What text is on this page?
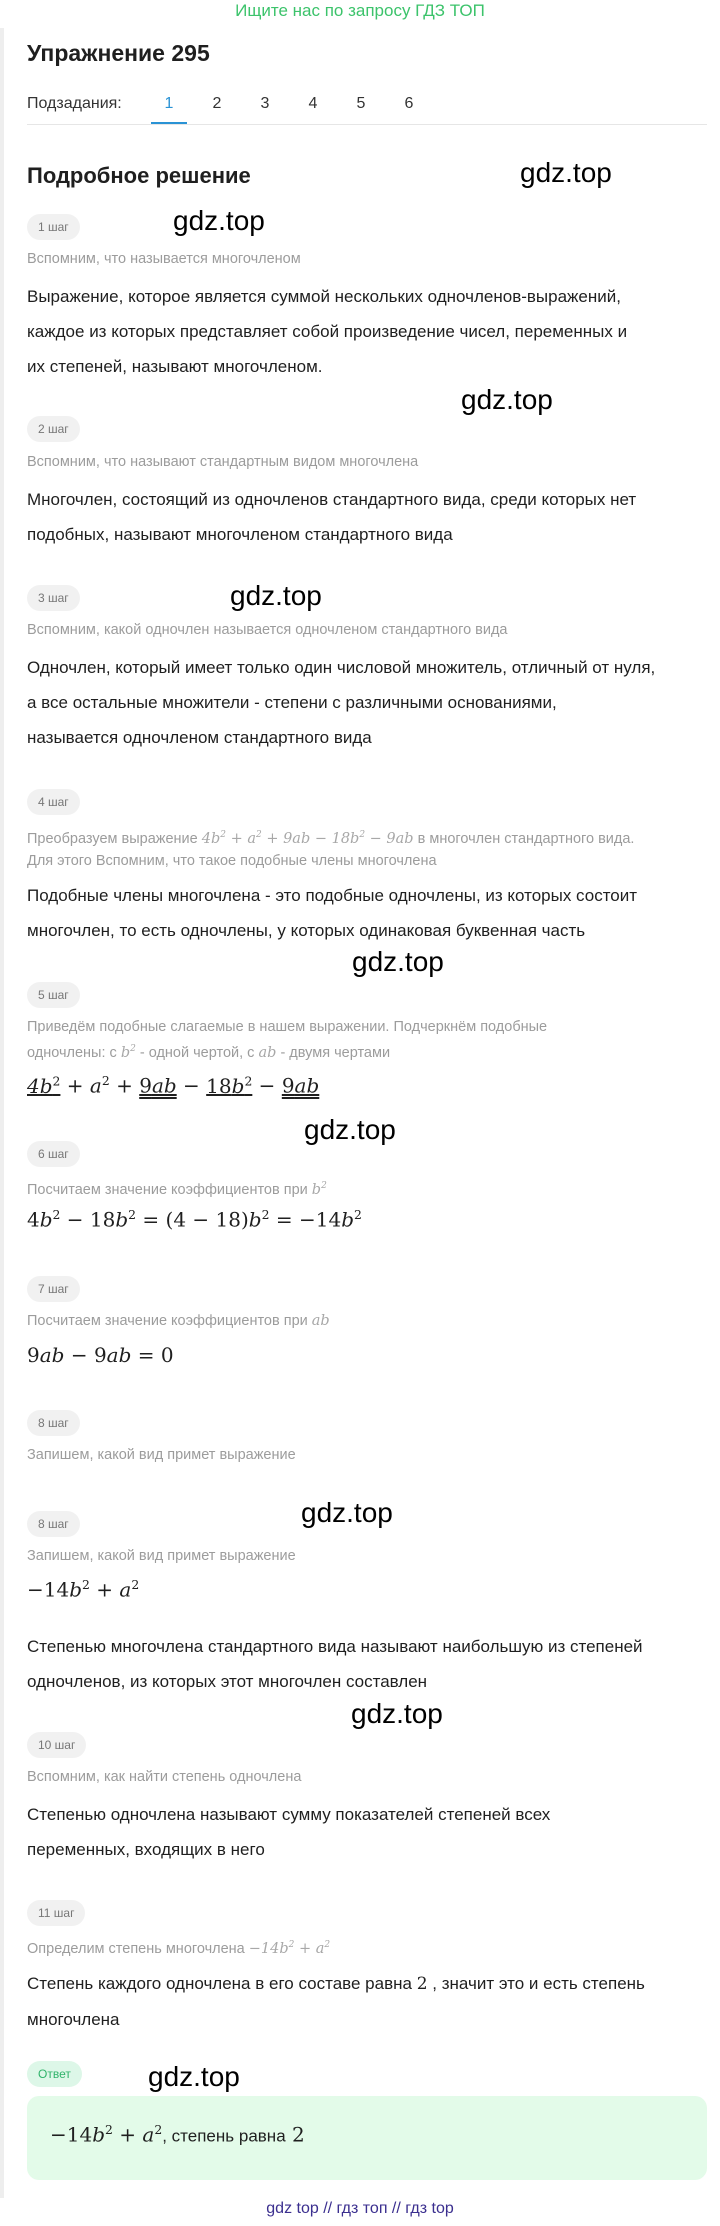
Ищите нас по запросу ГДЗ ТОП
Упражнение 295
Подзадания:	1	2	3	4	5	6
Подробное решение	gdz.top
gdz.top
gdz.top
gdz.top
gdz.top
gdz.top
gdz.top
gdz.top
gdz.top
1 шаг
Вспомним, что называется многочленом
Выражение, которое является суммой нескольких одночленов-выражений,
каждое из которых представляет собой произведение чисел, переменных и
их степеней, называют многочленом.
2 шаг
Вспомним, что называют стандартным видом многочлена
Многочлен, состоящий из одночленов стандартного вида, среди которых нет
подобных, называют многочленом стандартного вида
3 шаг
Вспомним, какой одночлен называется одночленом стандартного вида
Одночлен, который имеет только один числовой множитель, отличный от нуля,
а все остальные множители - степени с различными основаниями,
называется одночленом стандартного вида
4 шаг
Преобразуем выражение $4b^2 + a^2 + 9ab - 18b^2 - 9ab$ в многочлен стандартного вида.
Для этого Вспомним, что такое подобные члены многочлена
Подобные члены многочлена - это подобные одночлены, из которых состоит
многочлен, то есть одночлены, у которых одинаковая буквенная часть
5 шаг
Приведём подобные слагаемые в нашем выражении. Подчеркнём подобные
одночлены: с $b^2$ - одной чертой, с ab - двумя чертами
$4b^2 + a^2 + 9ab - 18b^2 - 9ab$
6 шаг
Посчитаем значение коэффициентов при $b^2$
$4b^2 - 18b^2 = (4 - 18)b^2 = -14b^2$
7 шаг
Посчитаем значение коэффициентов при ab
9ab − 9ab = 0
8 шаг
Запишем, какой вид примет выражение
8 шаг
Запишем, какой вид примет выражение
$-14b^2 + a^2$
Степенью многочлена стандартного вида называют наибольшую из степеней
одночленов, из которых этот многочлен составлен
10 шаг
Вспомним, как найти степень одночлена
Степенью одночлена называют сумму показателей степеней всех
переменных, входящих в него
11 шаг
Определим степень многочлена $-14b^2 + a^2$
Степень каждого одночлена в его составе равна 2 , значит это и есть степень
многочлена
Ответ
$-14b^2 + a^2$, степень равна 2
gdz top // гдз топ // гдз top
